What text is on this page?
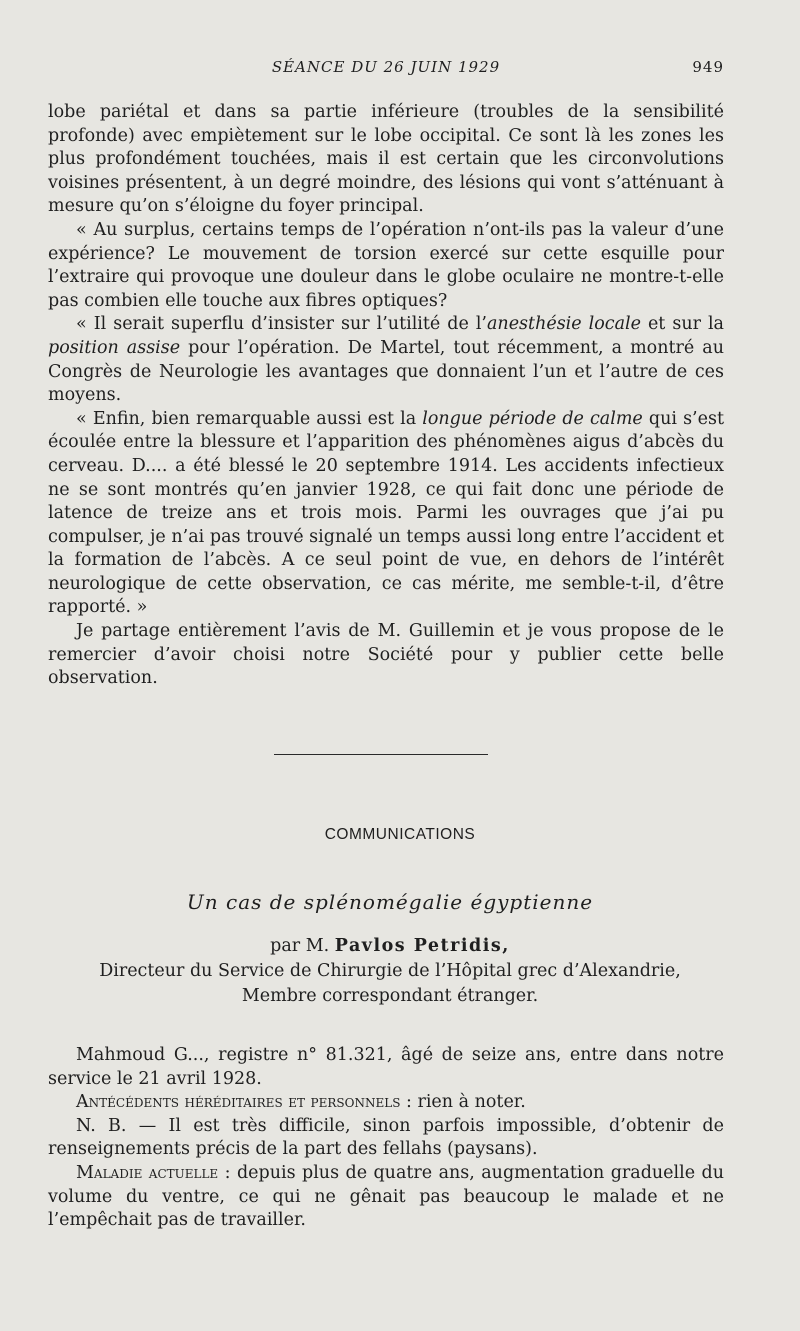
SÉANCE DU 26 JUIN 1929	949

lobe pariétal et dans sa partie inférieure (troubles de la sensibilité profonde) avec empiètement sur le lobe occipital. Ce sont là les zones les plus profondément touchées, mais il est certain que les circonvolutions voisines présentent, à un degré moindre, des lésions qui vont s’atténuant à mesure qu’on s’éloigne du foyer principal.

« Au surplus, certains temps de l’opération n’ont-ils pas la valeur d’une expérience? Le mouvement de torsion exercé sur cette esquille pour l’extraire qui provoque une douleur dans le globe oculaire ne montre-t-elle pas combien elle touche aux fibres optiques?

« Il serait superflu d’insister sur l’utilité de l’anesthésie locale et sur la position assise pour l’opération. De Martel, tout récemment, a montré au Congrès de Neurologie les avantages que donnaient l’un et l’autre de ces moyens.

« Enfin, bien remarquable aussi est la longue période de calme qui s’est écoulée entre la blessure et l’apparition des phénomènes aigus d’abcès du cerveau. D.... a été blessé le 20 septembre 1914. Les accidents infectieux ne se sont montrés qu’en janvier 1928, ce qui fait donc une période de latence de treize ans et trois mois. Parmi les ouvrages que j’ai pu compulser, je n’ai pas trouvé signalé un temps aussi long entre l’accident et la formation de l’abcès. A ce seul point de vue, en dehors de l’intérêt neurologique de cette observation, ce cas mérite, me semble-t-il, d’être rapporté. »

Je partage entièrement l’avis de M. Guillemin et je vous propose de le remercier d’avoir choisi notre Société pour y publier cette belle observation.

COMMUNICATIONS
Un cas de splénomégalie égyptienne
par M. Pavlos Petridis,
Directeur du Service de Chirurgie de l’Hôpital grec d’Alexandrie,
Membre correspondant étranger.

Mahmoud G..., registre n° 81.321, âgé de seize ans, entre dans notre service le 21 avril 1928.

Antécédents héréditaires et personnels : rien à noter.

N. B. — Il est très difficile, sinon parfois impossible, d’obtenir de renseignements précis de la part des fellahs (paysans).

Maladie actuelle : depuis plus de quatre ans, augmentation graduelle du volume du ventre, ce qui ne gênait pas beaucoup le malade et ne l’empêchait pas de travailler.
